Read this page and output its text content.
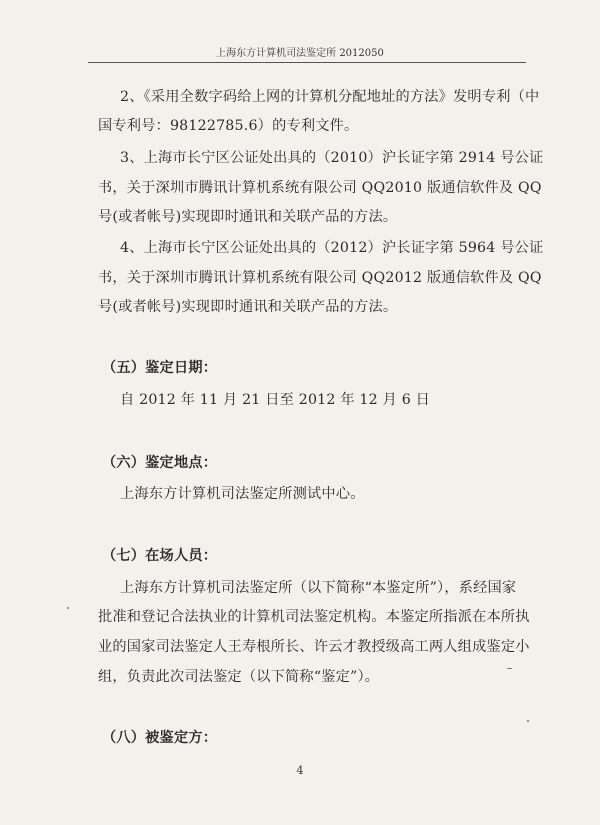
上海东方计算机司法鉴定所 2012050
2、《采用全数字码给上网的计算机分配地址的方法》发明专利（中
国专利号：98122785.6）的专利文件。
3、上海市长宁区公证处出具的（2010）沪长证字第 2914 号公证
书，关于深圳市腾讯计算机系统有限公司 QQ2010 版通信软件及 QQ
号(或者帐号)实现即时通讯和关联产品的方法。
4、上海市长宁区公证处出具的（2012）沪长证字第 5964 号公证
书，关于深圳市腾讯计算机系统有限公司 QQ2012 版通信软件及 QQ
号(或者帐号)实现即时通讯和关联产品的方法。
（五）鉴定日期：
自 2012 年 11 月 21 日至 2012 年 12 月 6 日
（六）鉴定地点：
上海东方计算机司法鉴定所测试中心。
（七）在场人员：
上海东方计算机司法鉴定所（以下简称“本鉴定所”），系经国家
批准和登记合法执业的计算机司法鉴定机构。本鉴定所指派在本所执
业的国家司法鉴定人王寿根所长、许云才教授级高工两人组成鉴定小
组，负责此次司法鉴定（以下简称“鉴定”）。
（八）被鉴定方：
4
